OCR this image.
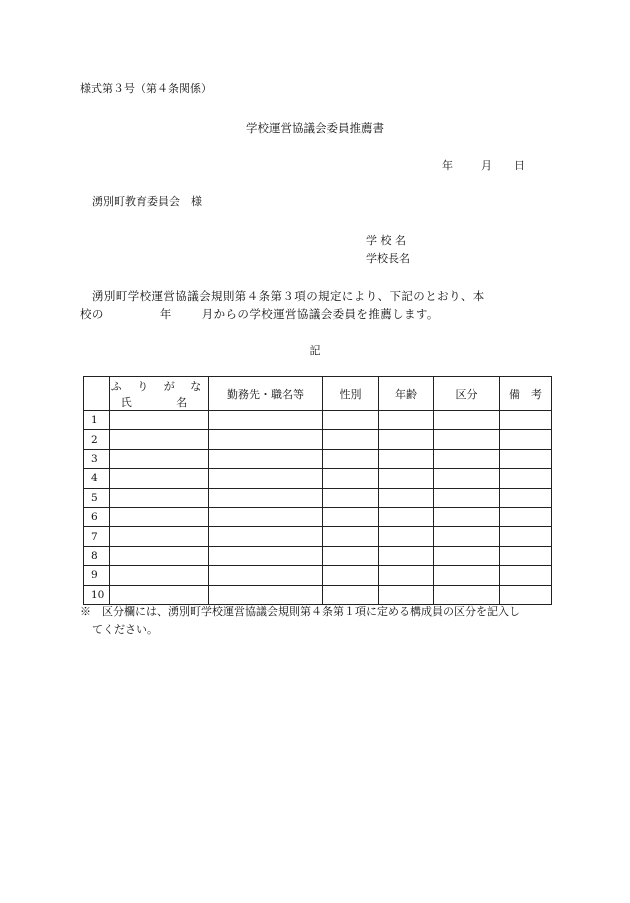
様式第３号（第４条関係）
学校運営協議会委員推薦書
年	月 日
湧別町教育委員会　様
学 校 名
学校長名
湧別町学校運営協議会規則第４条第３項の規定により、下記のとおり、本
校の	年	月からの学校運営協議会委員を推薦します。
記

	ふ り が な
氏　 名	勤務先・職名等	性別	年齢	区分	備　考
1						
2						
3						
4						
5						
6						
7						
8						
9						
10						
※　区分欄には、湧別町学校運営協議会規則第４条第１項に定める構成員の区分を記入し
てください。
